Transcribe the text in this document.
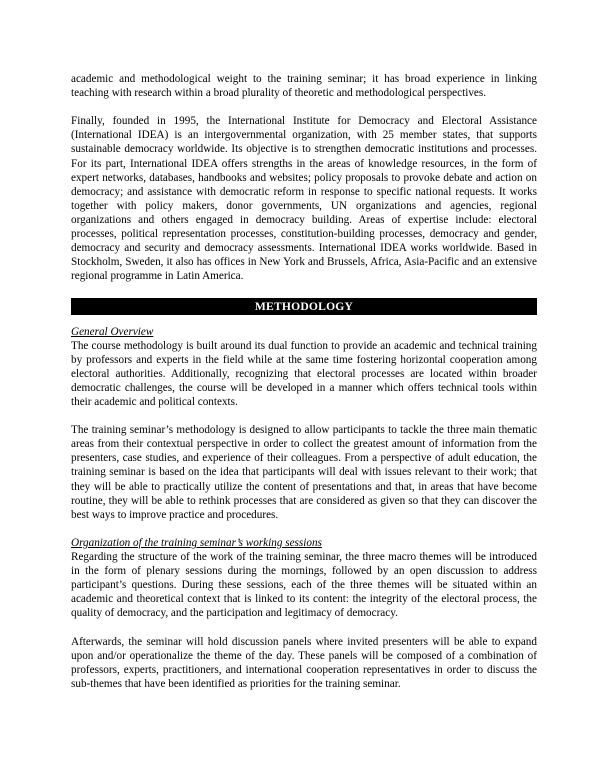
academic and methodological weight to the training seminar; it has broad experience in linking teaching with research within a broad plurality of theoretic and methodological perspectives.

Finally, founded in 1995, the International Institute for Democracy and Electoral Assistance (International IDEA) is an intergovernmental organization, with 25 member states, that supports sustainable democracy worldwide. Its objective is to strengthen democratic institutions and processes. For its part, International IDEA offers strengths in the areas of knowledge resources, in the form of expert networks, databases, handbooks and websites; policy proposals to provoke debate and action on democracy; and assistance with democratic reform in response to specific national requests. It works together with policy makers, donor governments, UN organizations and agencies, regional organizations and others engaged in democracy building. Areas of expertise include: electoral processes, political representation processes, constitution-building processes, democracy and gender, democracy and security and democracy assessments. International IDEA works worldwide. Based in Stockholm, Sweden, it also has offices in New York and Brussels, Africa, Asia-Pacific and an extensive regional programme in Latin America.

METHODOLOGY
General Overview

The course methodology is built around its dual function to provide an academic and technical training by professors and experts in the field while at the same time fostering horizontal cooperation among electoral authorities. Additionally, recognizing that electoral processes are located within broader democratic challenges, the course will be developed in a manner which offers technical tools within their academic and political contexts.

The training seminar’s methodology is designed to allow participants to tackle the three main thematic areas from their contextual perspective in order to collect the greatest amount of information from the presenters, case studies, and experience of their colleagues. From a perspective of adult education, the training seminar is based on the idea that participants will deal with issues relevant to their work; that they will be able to practically utilize the content of presentations and that, in areas that have become routine, they will be able to rethink processes that are considered as given so that they can discover the best ways to improve practice and procedures.

Organization of the training seminar’s working sessions

Regarding the structure of the work of the training seminar, the three macro themes will be introduced in the form of plenary sessions during the mornings, followed by an open discussion to address participant’s questions. During these sessions, each of the three themes will be situated within an academic and theoretical context that is linked to its content: the integrity of the electoral process, the quality of democracy, and the participation and legitimacy of democracy.

Afterwards, the seminar will hold discussion panels where invited presenters will be able to expand upon and/or operationalize the theme of the day. These panels will be composed of a combination of professors, experts, practitioners, and international cooperation representatives in order to discuss the sub-themes that have been identified as priorities for the training seminar.
